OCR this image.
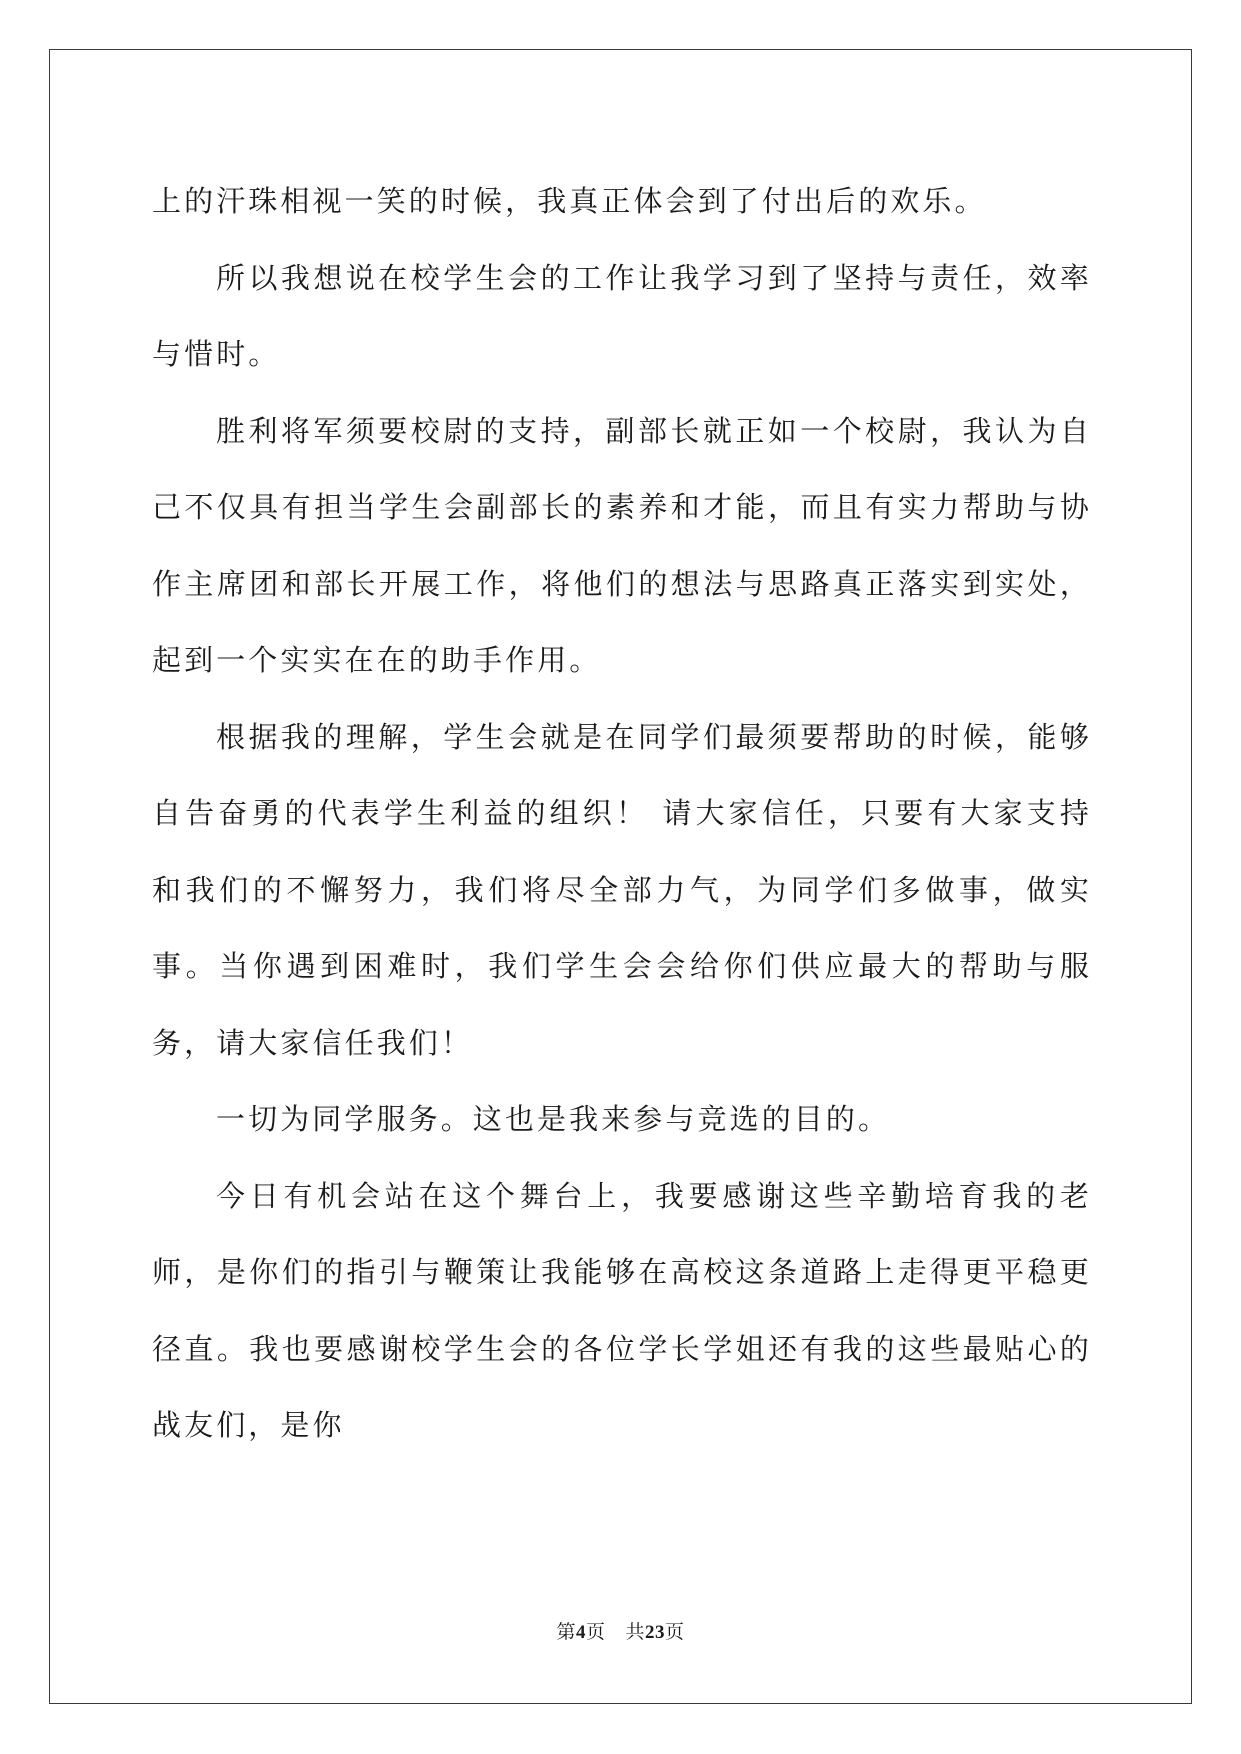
上的汗珠相视一笑的时候，我真正体会到了付出后的欢乐。

所以我想说在校学生会的工作让我学习到了坚持与责任，效率与惜时。

胜利将军须要校尉的支持，副部长就正如一个校尉，我认为自己不仅具有担当学生会副部长的素养和才能，而且有实力帮助与协作主席团和部长开展工作，将他们的想法与思路真正落实到实处，起到一个实实在在的助手作用。

根据我的理解，学生会就是在同学们最须要帮助的时候，能够自告奋勇的代表学生利益的组织！ 请大家信任，只要有大家支持和我们的不懈努力，我们将尽全部力气，为同学们多做事，做实事。当你遇到困难时，我们学生会会给你们供应最大的帮助与服务，请大家信任我们！

一切为同学服务。这也是我来参与竞选的目的。

今日有机会站在这个舞台上，我要感谢这些辛勤培育我的老师，是你们的指引与鞭策让我能够在高校这条道路上走得更平稳更径直。我也要感谢校学生会的各位学长学姐还有我的这些最贴心的战友们，是你

第4页 共23页
